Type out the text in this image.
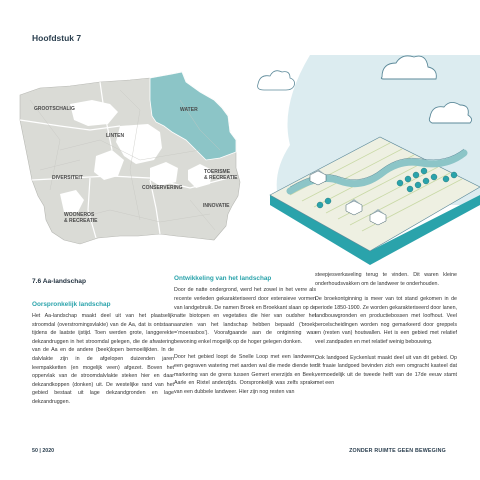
Hoofdstuk 7
GROOTSCHALIG	WATER
LINTEN
DIVERSITEIT
TOERISME
& RECREATIE
CONSERVERING
INNOVATIE
WOONEROS
& RECREATIE
7.6 Aa-landschap
Oorspronkelijk landschap

Het Aa-landschap maakt deel uit van het plaatselijk stroomdal (overstromingsvlakte) van de Aa, dat is ontstaan tijdens de laatste ijstijd. Toen werden grote, langgerekte dekzandruggen in het stroomdal gelegen, die de afwatering van de Aa en de andere (beek)lopen bemoeilijkten. In de dalvlakte zijn in de afgelopen duizenden jaren leempakketten (en mogelijk veen) afgezet. Boven het oppervlak van de stroomdalvlakte steken hier en daar dekzandkoppen (donken) uit. De westelijke rand van het gebied bestaat uit lage dekzandgronden en lage dekzandruggen.

Ontwikkeling van het landschap

Door de natte ondergrond, werd het zowel in het verre als recente verleden gekarakteriseerd door extensieve vormen van landgebruik. De namen Broek en Broekkant slaan op de natte biotopen en vegetaties die hier van oudsher het aanzien van het landschap hebben bepaald ('broek' =‘moerasbos’). Voorafgaande aan de ontginning was bewoning enkel mogelijk op de hoger gelegen donken.

Door het gebied loopt de Snelle Loop met een landweer, een gegraven watering met aarden wal die mede diende ter markering van de grens tussen Gemert enerzijds en Beek, Aarle en Rixtel anderzijds. Oorspronkelijk was zelfs sprake van een dubbele landweer. Hier zijn nog resten van

steepjesverkaveling terug te vinden. Dit waren kleine onderhoudsvakken om de landweer te onderhouden.

De broekontginning is meer van tot stand gekomen in de periode 1850-1900. Ze worden gekarakteriseerd door lanen, landbouwgronden en productiebossen met loofhout. Veel percelscheidingen worden nog gemarkeerd door greppels en (resten van) houtwallen. Het is een gebied met relatief veel zandpaden en met relatief weinig bebouwing.

Ook landgoed Eyckenlust maakt deel uit van dit gebied. Op dit fraaie landgoed bevinden zich een omgracht kasteel dat vermoedelijk uit de tweede helft van de 17de eeuw stamt met een

50 | 2020	ZONDER RUIMTE GEEN BEWEGING
